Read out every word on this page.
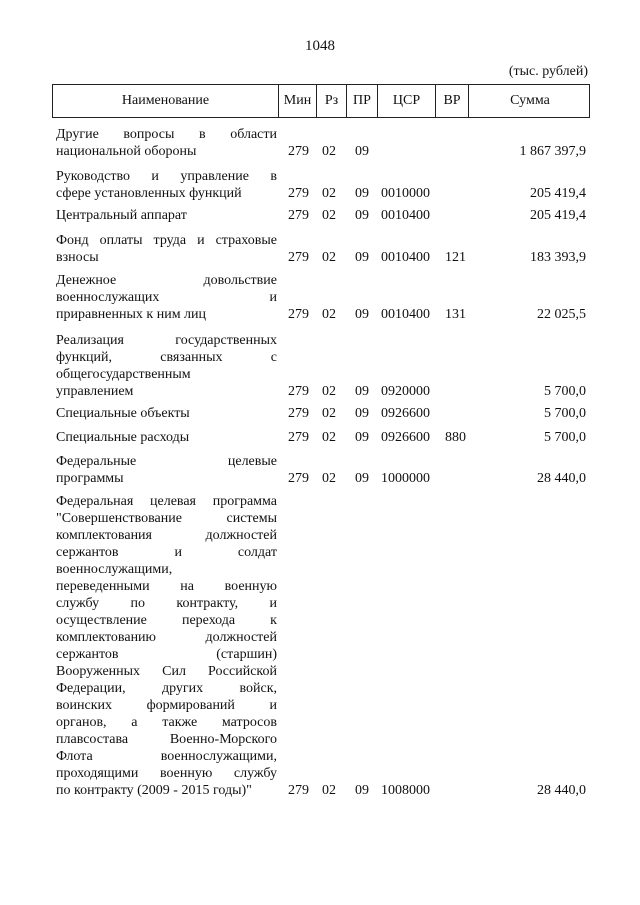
1048
(тыс. рублей)
Наименование	Мин Рз	ПР	ЦСР	ВР	Сумма
Другие вопросы в области
национальной обороны	279 02 09	1 867 397,9
Руководство и управление в
сфере установленных функций	279 02 09 0010000	205 419,4
Центральный аппарат	279 02 09 0010400	205 419,4
Фонд оплаты труда и страховые
взносы	279 02 09 0010400 121	183 393,9
Денежное довольствие
военнослужащих и
приравненных к ним лиц	279 02 09 0010400 131	22 025,5
Реализация государственных
функций, связанных с
общегосударственным
управлением	279 02 09 0920000	5 700,0
Специальные объекты	279 02 09 0926600	5 700,0
Специальные расходы	279 02 09 0926600 880	5 700,0
Федеральные целевые
программы	279 02 09 1000000	28 440,0
Федеральная целевая программа
"Совершенствование системы
комплектования должностей
сержантов и солдат
военнослужащими,
переведенными на военную
службу по контракту, и
осуществление перехода к
комплектованию должностей
сержантов (старшин)
Вооруженных Сил Российской
Федерации, других войск,
воинских формирований и
органов, а также матросов
плавсостава Военно-Морского
Флота военнослужащими,
проходящими военную службу
по контракту (2009 - 2015 годы)"	279 02 09 1008000	28 440,0
